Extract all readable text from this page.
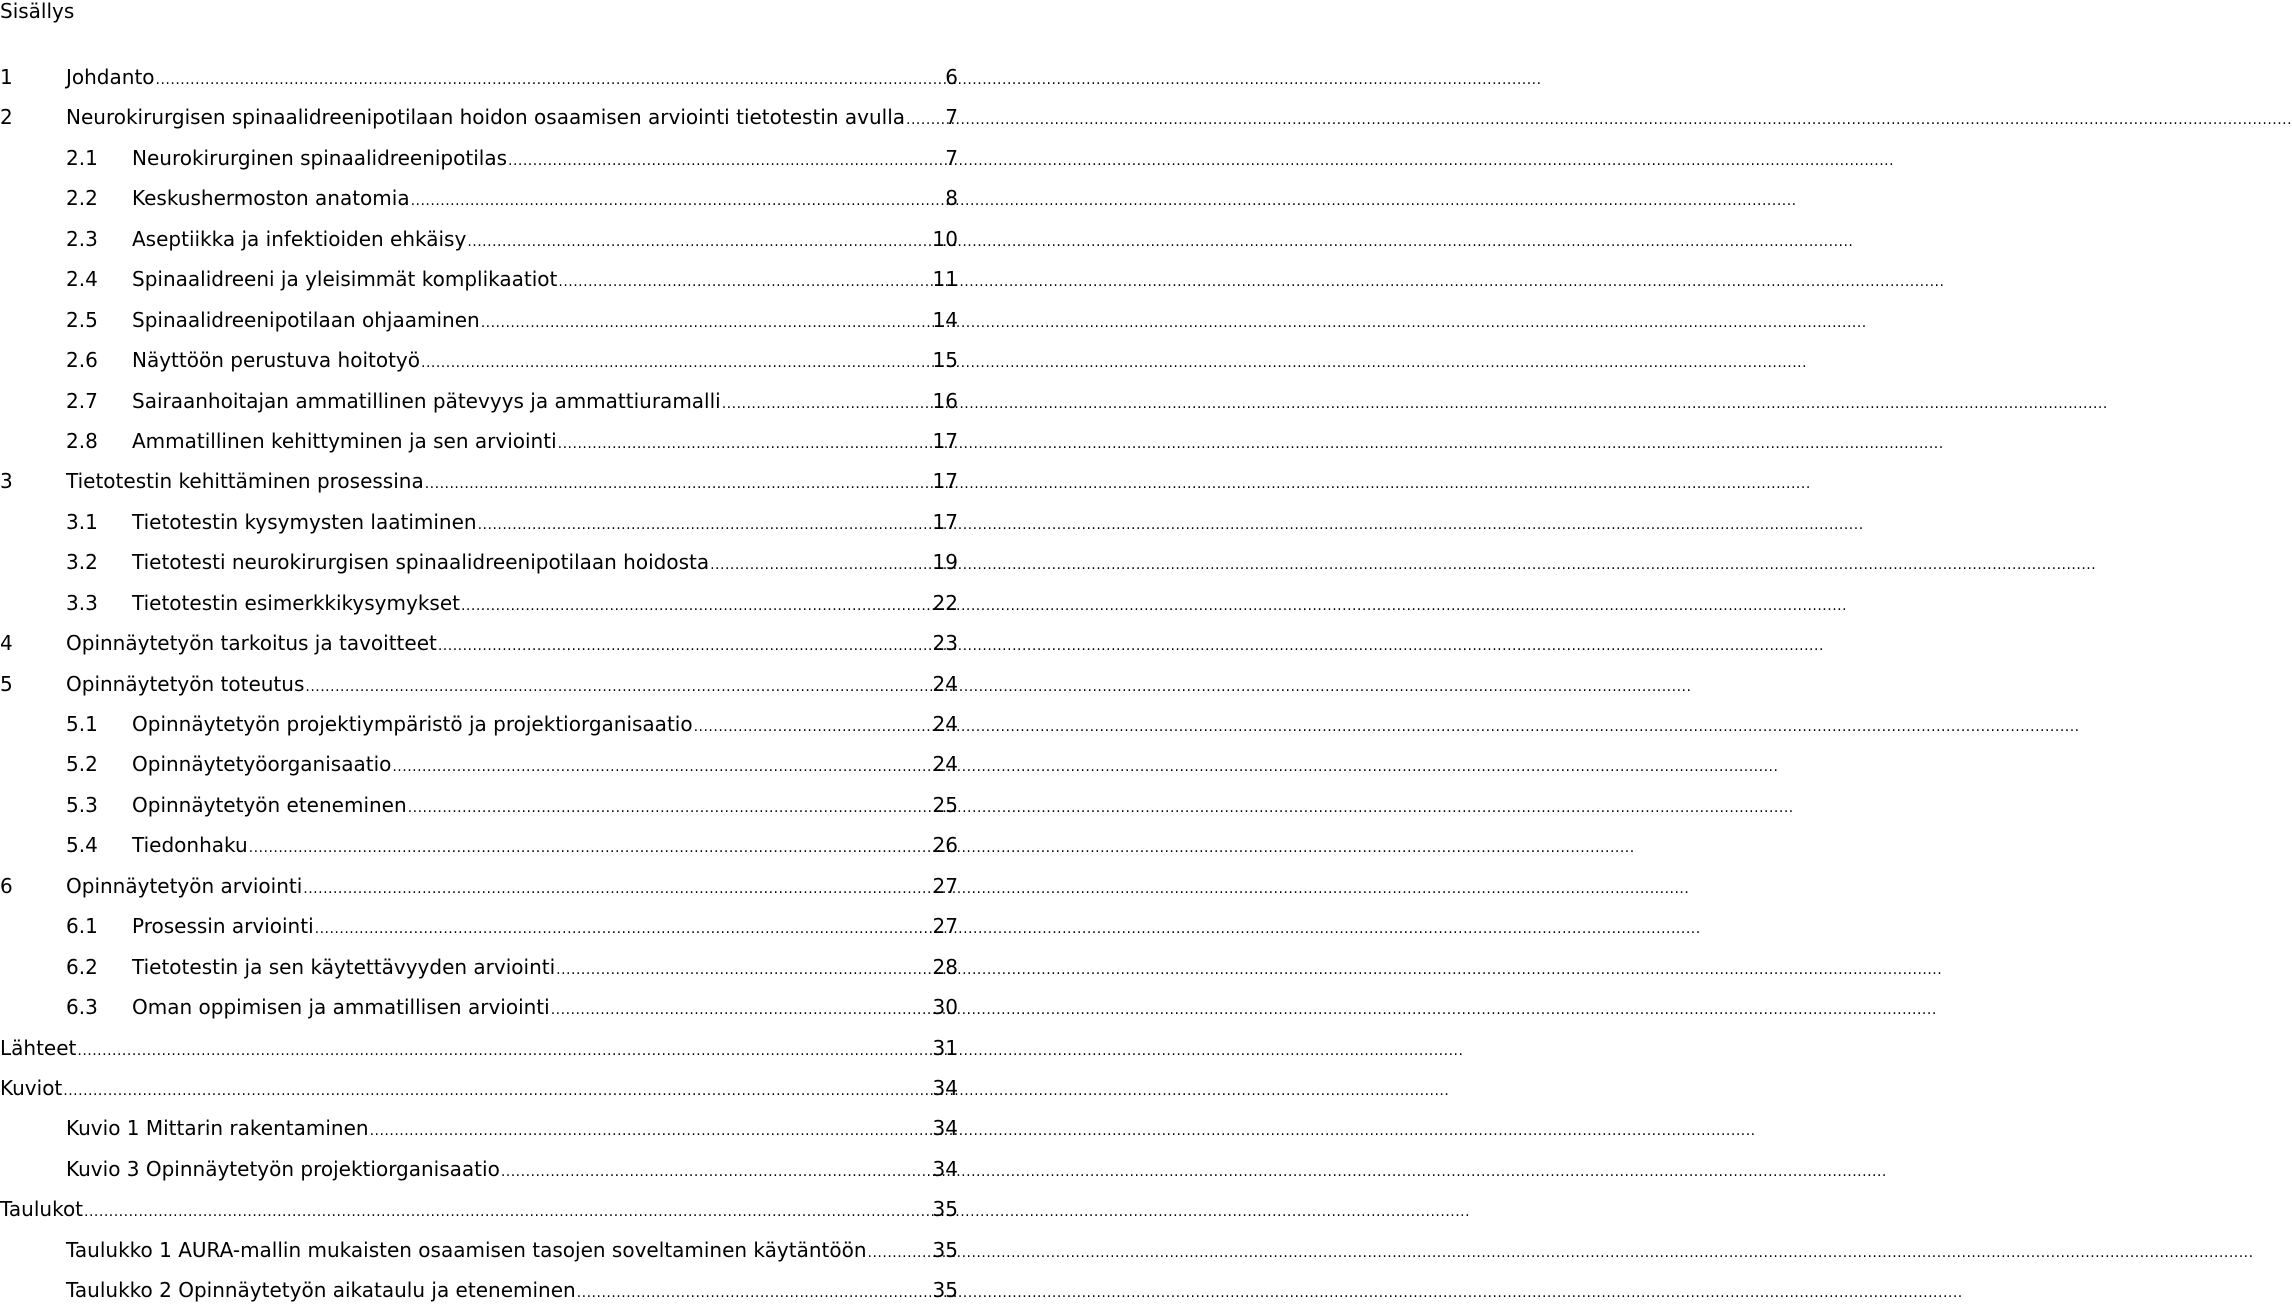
Sisällys
1	Johdanto .....	6
2	Neurokirurgisen spinaalidreenipotilaan hoidon osaamisen arviointi tietotestin avulla ..... 7
2.1	Neurokirurginen spinaalidreenipotilas .....	7
2.2	Keskushermoston anatomia .....	8
2.3	Aseptiikka ja infektioiden ehkäisy .....	10
2.4	Spinaalidreeni ja yleisimmät komplikaatiot .....	11
2.5	Spinaalidreenipotilaan ohjaaminen .....	14
2.6	Näyttöön perustuva hoitotyö .....	15
2.7	Sairaanhoitajan ammatillinen pätevyys ja ammattiuramalli .....	16
2.8	Ammatillinen kehittyminen ja sen arviointi .....	17
3	Tietotestin kehittäminen prosessina .....	17
3.1	Tietotestin kysymysten laatiminen .....	17
3.2	Tietotesti neurokirurgisen spinaalidreenipotilaan hoidosta .....	19
3.3	Tietotestin esimerkkikysymykset .....	22
4	Opinnäytetyön tarkoitus ja tavoitteet .....	23
5	Opinnäytetyön toteutus .....	24
5.1	Opinnäytetyön projektiympäristö ja projektiorganisaatio .....	24
5.2	Opinnäytetyöorganisaatio .....	24
5.3	Opinnäytetyön eteneminen .....	25
5.4	Tiedonhaku .....	26
6	Opinnäytetyön arviointi .....	27
6.1	Prosessin arviointi .....	27
6.2	Tietotestin ja sen käytettävyyden arviointi .....	28
6.3	Oman oppimisen ja ammatillisen arviointi .....	30
Lähteet .....	31
Kuviot .....	34
Kuvio 1 Mittarin rakentaminen .....	34
Kuvio 3 Opinnäytetyön projektiorganisaatio .....	34
Taulukot .....	35
Taulukko 1 AURA-mallin mukaisten osaamisen tasojen soveltaminen käytäntöön .....	35
Taulukko 2 Opinnäytetyön aikataulu ja eteneminen .....	35
